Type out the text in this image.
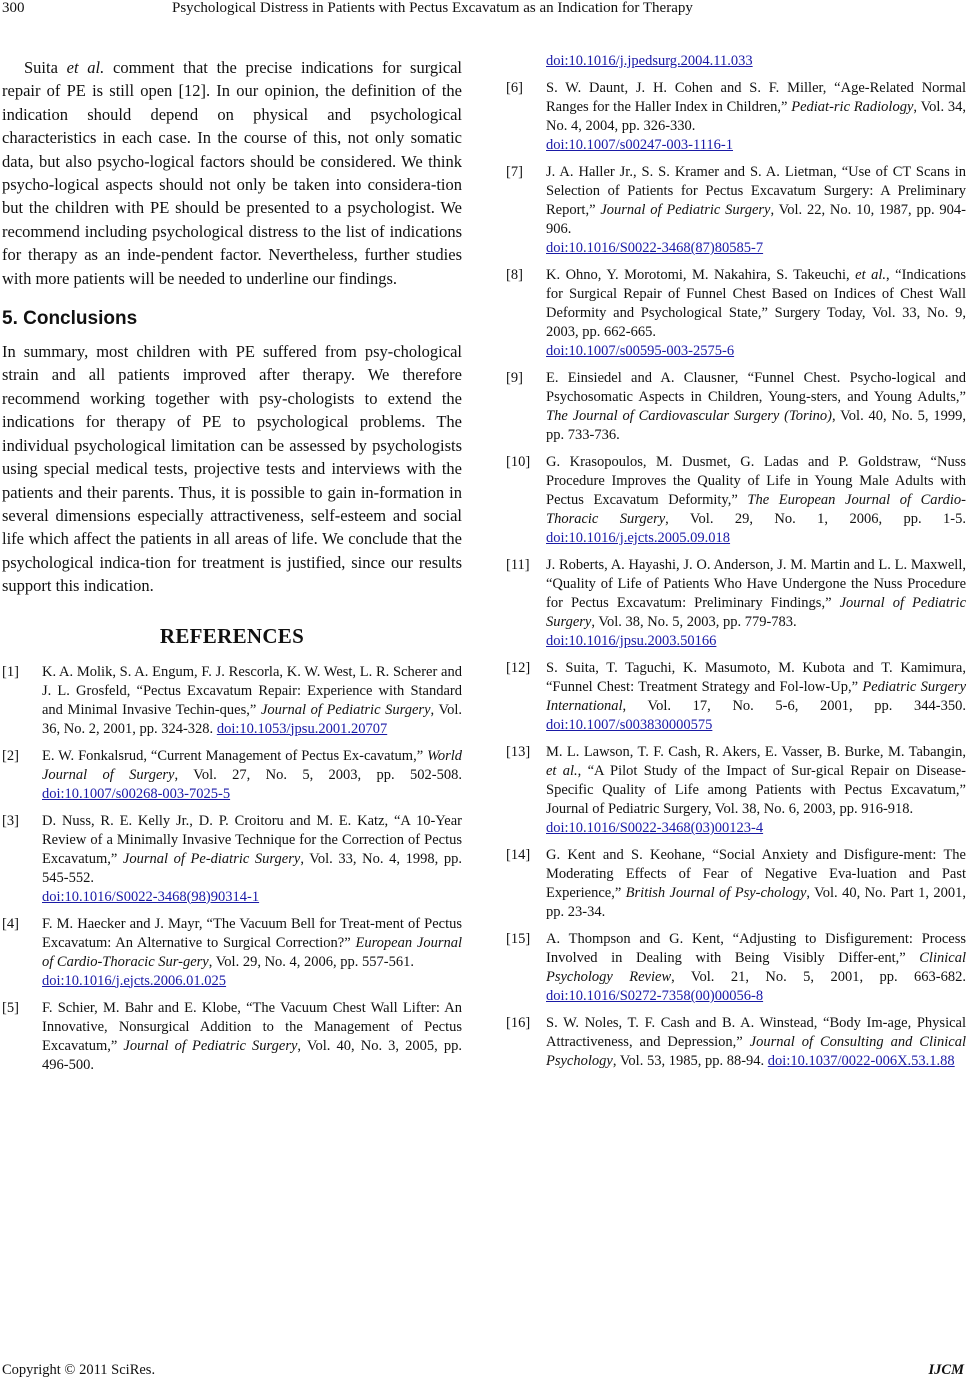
300	Psychological Distress in Patients with Pectus Excavatum as an Indication for Therapy

Suita et al. comment that the precise indications for surgical repair of PE is still open [12]. In our opinion, the definition of the indication should depend on physical and psychological characteristics in each case. In the course of this, not only somatic data, but also psycho-logical factors should be considered. We think psycho-logical aspects should not only be taken into considera-tion but the children with PE should be presented to a psychologist. We recommend including psychological distress to the list of indications for therapy as an inde-pendent factor. Nevertheless, further studies with more patients will be needed to underline our findings.

5. Conclusions

In summary, most children with PE suffered from psy-chological strain and all patients improved after therapy. We therefore recommend working together with psy-chologists to extend the indications for therapy of PE to psychological problems. The individual psychological limitation can be assessed by psychologists using special medical tests, projective tests and interviews with the patients and their parents. Thus, it is possible to gain in-formation in several dimensions especially attractiveness, self-esteem and social life which affect the patients in all areas of life. We conclude that the psychological indica-tion for treatment is justified, since our results support this indication.

REFERENCES
[1]	K. A. Molik, S. A. Engum, F. J. Rescorla, K. W. West, L. R. Scherer and J. L. Grosfeld, “Pectus Excavatum Repair: Experience with Standard and Minimal Invasive Techin-ques,” Journal of Pediatric Surgery, Vol. 36, No. 2, 2001, pp. 324-328. doi:10.1053/jpsu.2001.20707
[2]	E. W. Fonkalsrud, “Current Management of Pectus Ex-cavatum,” World Journal of Surgery, Vol. 27, No. 5, 2003, pp. 502-508. doi:10.1007/s00268-003-7025-5
[3]	D. Nuss, R. E. Kelly Jr., D. P. Croitoru and M. E. Katz, “A 10-Year Review of a Minimally Invasive Technique for the Correction of Pectus Excavatum,” Journal of Pe-diatric Surgery, Vol. 33, No. 4, 1998, pp. 545-552.
doi:10.1016/S0022-3468(98)90314-1
[4]	F. M. Haecker and J. Mayr, “The Vacuum Bell for Treat-ment of Pectus Excavatum: An Alternative to Surgical Correction?” European Journal of Cardio-Thoracic Sur-gery, Vol. 29, No. 4, 2006, pp. 557-561.
doi:10.1016/j.ejcts.2006.01.025
[5]	F. Schier, M. Bahr and E. Klobe, “The Vacuum Chest Wall Lifter: An Innovative, Nonsurgical Addition to the Management of Pectus Excavatum,” Journal of Pediatric Surgery, Vol. 40, No. 3, 2005, pp. 496-500.
doi:10.1016/j.jpedsurg.2004.11.033
[6]	S. W. Daunt, J. H. Cohen and S. F. Miller, “Age-Related Normal Ranges for the Haller Index in Children,” Pediat-ric Radiology, Vol. 34, No. 4, 2004, pp. 326-330.
doi:10.1007/s00247-003-1116-1
[7]	J. A. Haller Jr., S. S. Kramer and S. A. Lietman, “Use of CT Scans in Selection of Patients for Pectus Excavatum Surgery: A Preliminary Report,” Journal of Pediatric Surgery, Vol. 22, No. 10, 1987, pp. 904-906.
doi:10.1016/S0022-3468(87)80585-7
[8]	K. Ohno, Y. Morotomi, M. Nakahira, S. Takeuchi, et al., “Indications for Surgical Repair of Funnel Chest Based on Indices of Chest Wall Deformity and Psychological State,” Surgery Today, Vol. 33, No. 9, 2003, pp. 662-665.
doi:10.1007/s00595-003-2575-6
[9]	E. Einsiedel and A. Clausner, “Funnel Chest. Psycho-logical and Psychosomatic Aspects in Children, Young-sters, and Young Adults,” The Journal of Cardiovascular Surgery (Torino), Vol. 40, No. 5, 1999, pp. 733-736.
[10]	G. Krasopoulos, M. Dusmet, G. Ladas and P. Goldstraw, “Nuss Procedure Improves the Quality of Life in Young Male Adults with Pectus Excavatum Deformity,” The European Journal of Cardio-Thoracic Surgery, Vol. 29, No. 1, 2006, pp. 1-5. doi:10.1016/j.ejcts.2005.09.018
[11]	J. Roberts, A. Hayashi, J. O. Anderson, J. M. Martin and L. L. Maxwell, “Quality of Life of Patients Who Have Undergone the Nuss Procedure for Pectus Excavatum: Preliminary Findings,” Journal of Pediatric Surgery, Vol. 38, No. 5, 2003, pp. 779-783.
doi:10.1016/jpsu.2003.50166
[12]	S. Suita, T. Taguchi, K. Masumoto, M. Kubota and T. Kamimura, “Funnel Chest: Treatment Strategy and Fol-low-Up,” Pediatric Surgery International, Vol. 17, No. 5-6, 2001, pp. 344-350. doi:10.1007/s003830000575
[13]	M. L. Lawson, T. F. Cash, R. Akers, E. Vasser, B. Burke, M. Tabangin, et al., “A Pilot Study of the Impact of Sur-gical Repair on Disease-Specific Quality of Life among Patients with Pectus Excavatum,” Journal of Pediatric Surgery, Vol. 38, No. 6, 2003, pp. 916-918.
doi:10.1016/S0022-3468(03)00123-4
[14]	G. Kent and S. Keohane, “Social Anxiety and Disfigure-ment: The Moderating Effects of Fear of Negative Eva-luation and Past Experience,” British Journal of Psy-chology, Vol. 40, No. Part 1, 2001, pp. 23-34.
[15]	A. Thompson and G. Kent, “Adjusting to Disfigurement: Process Involved in Dealing with Being Visibly Differ-ent,” Clinical Psychology Review, Vol. 21, No. 5, 2001, pp. 663-682. doi:10.1016/S0272-7358(00)00056-8
[16]	S. W. Noles, T. F. Cash and B. A. Winstead, “Body Im-age, Physical Attractiveness, and Depression,” Journal of Consulting and Clinical Psychology, Vol. 53, 1985, pp. 88-94. doi:10.1037/0022-006X.53.1.88
Copyright © 2011 SciRes.	IJCM
